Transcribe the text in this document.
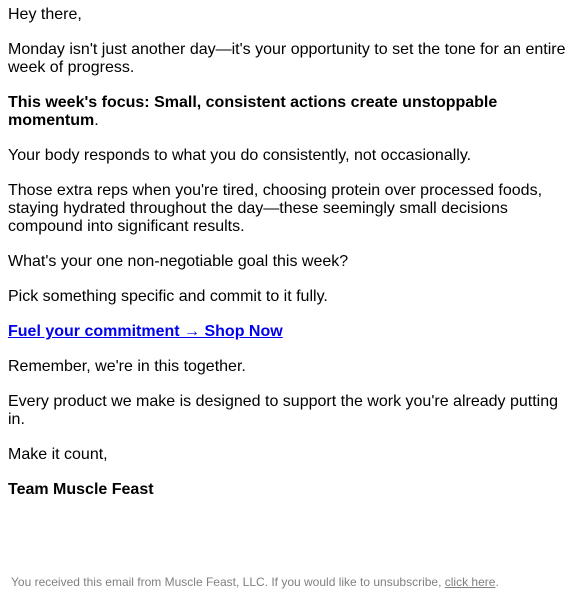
Hey there,

Monday isn't just another day—it's your opportunity to set the tone for an entire week of progress.

This week's focus: Small, consistent actions create unstoppable momentum.

Your body responds to what you do consistently, not occasionally.

Those extra reps when you're tired, choosing protein over processed foods, staying hydrated throughout the day—these seemingly small decisions compound into significant results.

What's your one non-negotiable goal this week?

Pick something specific and commit to it fully.

Fuel your commitment → Shop Now

Remember, we're in this together.

Every product we make is designed to support the work you're already putting in.

Make it count,

Team Muscle Feast

You received this email from Muscle Feast, LLC. If you would like to unsubscribe, click here.
